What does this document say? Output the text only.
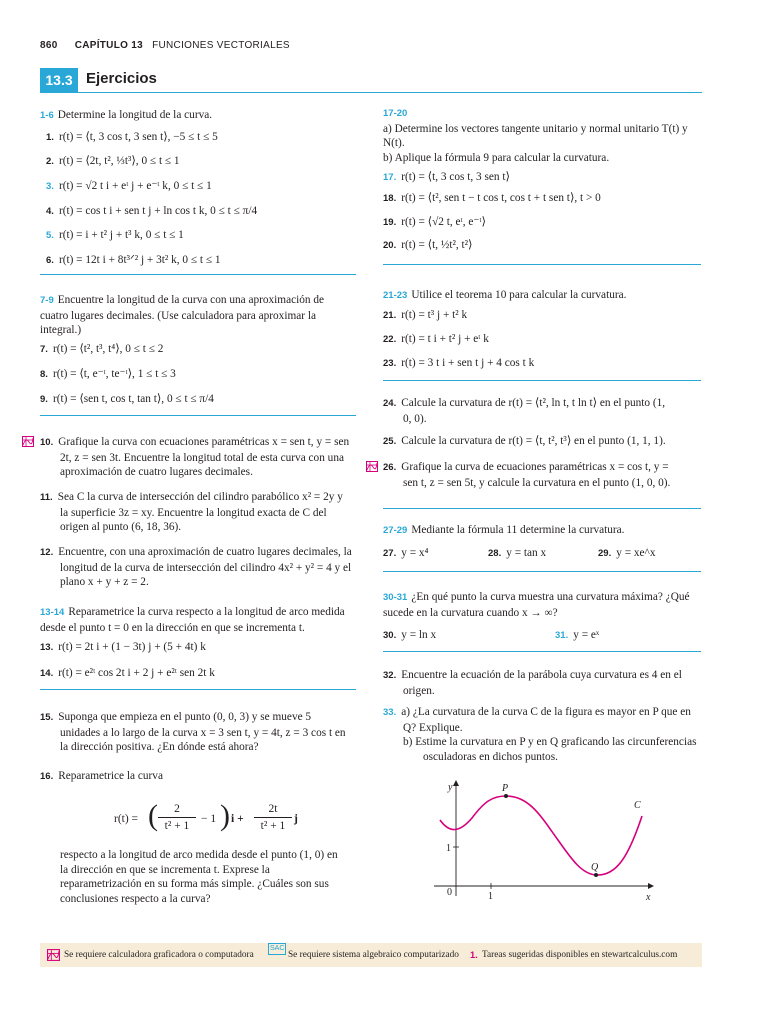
860 CAPÍTULO 13 FUNCIONES VECTORIALES
13.3 Ejercicios

1-6 Determine la longitud de la curva.

1. r(t) = ⟨t, 3 cos t, 3 sen t⟩, −5 ≤ t ≤ 5
2. r(t) = ⟨2t, t², ⅓t³⟩, 0 ≤ t ≤ 1
3. r(t) = √2 t i + eᵗ j + e⁻ᵗ k, 0 ≤ t ≤ 1
4. r(t) = cos t i + sen t j + ln cos t k, 0 ≤ t ≤ π/4
5. r(t) = i + t² j + t³ k, 0 ≤ t ≤ 1
6. r(t) = 12t i + 8t³ᐟ² j + 3t² k, 0 ≤ t ≤ 1

7-9 Encuentre la longitud de la curva con una aproximación de cuatro lugares decimales. (Use calculadora para aproximar la integral.)

7. r(t) = ⟨t², t³, t⁴⟩, 0 ≤ t ≤ 2
8. r(t) = ⟨t, e⁻ᵗ, te⁻ᵗ⟩, 1 ≤ t ≤ 3
9. r(t) = ⟨sen t, cos t, tan t⟩, 0 ≤ t ≤ π/4

10. Grafique la curva con ecuaciones paramétricas x = sen t, y = sen 2t, z = sen 3t. Encuentre la longitud total de esta curva con una aproximación de cuatro lugares decimales.

11. Sea C la curva de intersección del cilindro parabólico x² = 2y y la superficie 3z = xy. Encuentre la longitud exacta de C del origen al punto (6, 18, 36).

12. Encuentre, con una aproximación de cuatro lugares decimales, la longitud de la curva de intersección del cilindro 4x² + y² = 4 y el plano x + y + z = 2.

13-14 Reparametrice la curva respecto a la longitud de arco medida desde el punto t = 0 en la dirección en que se incrementa t.

13. r(t) = 2t i + (1 − 3t) j + (5 + 4t) k
14. r(t) = e²ᵗ cos 2t i + 2 j + e²ᵗ sen 2t k

15. Suponga que empieza en el punto (0, 0, 3) y se mueve 5 unidades a lo largo de la curva x = 3 sen t, y = 4t, z = 3 cos t en la dirección positiva. ¿En dónde está ahora?

16. Reparametrice la curva
r(t) = (	2
t² + 1
− 1 ) i +
2t
t² + 1
j

respecto a la longitud de arco medida desde el punto (1, 0) en la dirección en que se incrementa t. Exprese la reparametrización en su forma más simple. ¿Cuáles son sus conclusiones respecto a la curva?

17-20

a) Determine los vectores tangente unitario y normal unitario T(t) y N(t).

b) Aplique la fórmula 9 para calcular la curvatura.

17. r(t) = ⟨t, 3 cos t, 3 sen t⟩
18. r(t) = ⟨t², sen t − t cos t, cos t + t sen t⟩, t > 0
19. r(t) = ⟨√2 t, eᵗ, e⁻ᵗ⟩
20. r(t) = ⟨t, ½t², t²⟩
21-23 Utilice el teorema 10 para calcular la curvatura.
21. r(t) = t³ j + t² k
22. r(t) = t i + t² j + eᵗ k
23. r(t) = 3 t i + sen t j + 4 cos t k

24. Calcule la curvatura de r(t) = ⟨t², ln t, t ln t⟩ en el punto (1, 0, 0).

25. Calcule la curvatura de r(t) = ⟨t, t², t³⟩ en el punto (1, 1, 1).

26. Grafique la curva de ecuaciones paramétricas x = cos t, y = sen t, z = sen 5t, y calcule la curvatura en el punto (1, 0, 0).

27-29 Mediante la fórmula 11 determine la curvatura.
27. y = x⁴	28. y = tan x	29. y = xe^x

30-31 ¿En qué punto la curva muestra una curvatura máxima? ¿Qué sucede en la curvatura cuando x → ∞?

30. y = ln x	31. y = eˣ

32. Encuentre la ecuación de la parábola cuya curvatura es 4 en el origen.

33. a) ¿La curvatura de la curva C de la figura es mayor en P que en Q? Explique.

b) Estime la curvatura en P y en Q graficando las circunferencias osculadoras en dichos puntos.

y
x
P
Q
C
1
1
0
Se requiere calculadora graficadora o computadora
SAC
Se requiere sistema algebraico computarizado 1. Tareas sugeridas disponibles en stewartcalculus.com
